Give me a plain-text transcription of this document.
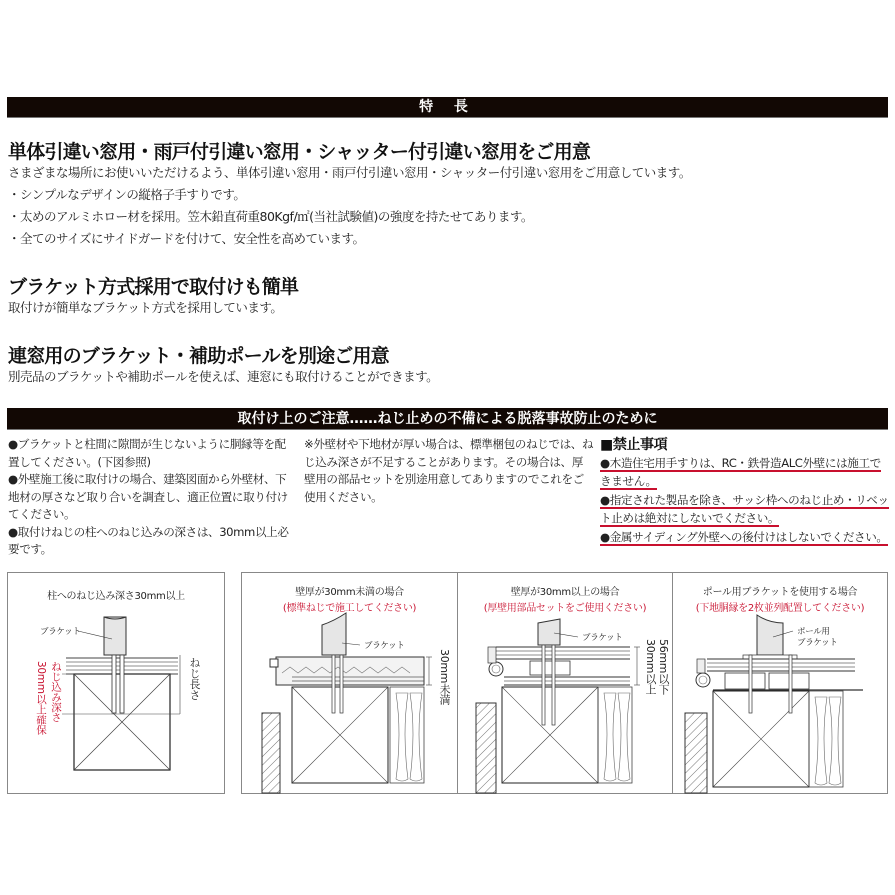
特 長
単体引違い窓用・雨戸付引違い窓用・シャッター付引違い窓用をご用意

さまざまな場所にお使いいただけるよう、単体引違い窓用・雨戸付引違い窓用・シャッター付引違い窓用をご用意しています。

・シンプルなデザインの縦格子手すりです。

・太めのアルミホロー材を採用。笠木鉛直荷重80Kgf/㎡(当社試験値)の強度を持たせてあります。

・全てのサイズにサイドガードを付けて、安全性を高めています。

ブラケット方式採用で取付けも簡単

取付けが簡単なブラケット方式を採用しています。

連窓用のブラケット・補助ポールを別途ご用意

別売品のブラケットや補助ポールを使えば、連窓にも取付けることができます。

取付け上のご注意……ねじ止めの不備による脱落事故防止のために
●ブラケットと柱間に隙間が生じないように胴縁等を配置してください。(下図参照)
●外壁施工後に取付けの場合、建築図面から外壁材、下地材の厚さなど取り合いを調査し、適正位置に取り付けてください。
●取付けねじの柱へのねじ込みの深さは、30mm以上必要です。
※外壁材や下地材が厚い場合は、標準梱包のねじでは、ねじ込み深さが不足することがあります。その場合は、厚壁用の部品セットを別途用意してありますのでこれをご使用ください。
■禁止事項
●木造住宅用手すりは、RC・鉄骨造ALC外壁には施工できません。
●指定された製品を除き、サッシ枠へのねじ止め・リベット止めは絶対にしないでください。
●金属サイディング外壁への後付けはしないでください。
柱へのねじ込み深さ30mm以上
ブラケット
ねじ込み深さ30mm以上確保	ねじ長さ
壁厚が30mm未満の場合
(標準ねじで施工してください)
ブラケット
30mm未満
壁厚が30mm以上の場合
(厚壁用部品セットをご使用ください)
ブラケット
30mm以上 56mm以下
ポール用ブラケットを使用する場合
(下地胴縁を2枚並列配置してください)
ポール用
ブラケット
